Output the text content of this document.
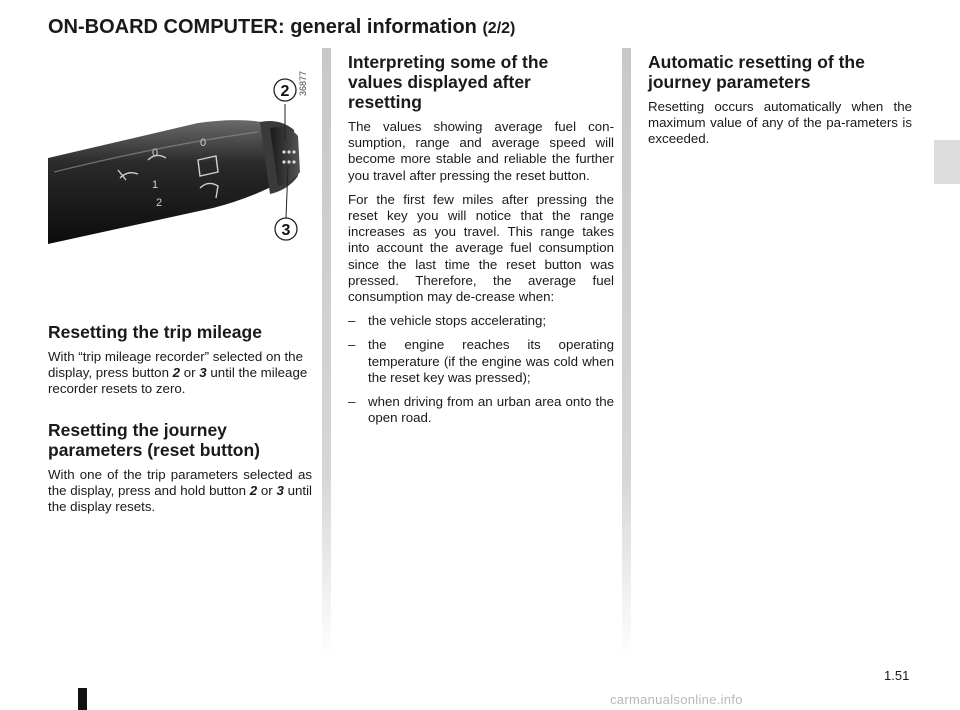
ON-BOARD COMPUTER: general information (2/2)
0
1
2
0
2
3
36877
Resetting the trip mileage

With “trip mileage recorder” selected on the display, press button 2 or 3 until the mileage recorder resets to zero.

Resetting the journey
parameters (reset button)

With one of the trip parameters selected as the display, press and hold button 2 or 3 until the display resets.

Interpreting some of the
values displayed after
resetting

The values showing average fuel con-sumption, range and average speed will become more stable and reliable the further you travel after pressing the reset button.

For the first few miles after pressing the reset key you will notice that the range increases as you travel. This range takes into account the average fuel consumption since the last time the reset button was pressed. Therefore, the average fuel consumption may de-crease when:

– the vehicle stops accelerating;
– the engine reaches its operating temperature (if the engine was cold when the reset key was pressed);
– when driving from an urban area onto the open road.
Automatic resetting of the
journey parameters

Resetting occurs automatically when the maximum value of any of the pa-rameters is exceeded.

1.51
carmanualsonline.info
